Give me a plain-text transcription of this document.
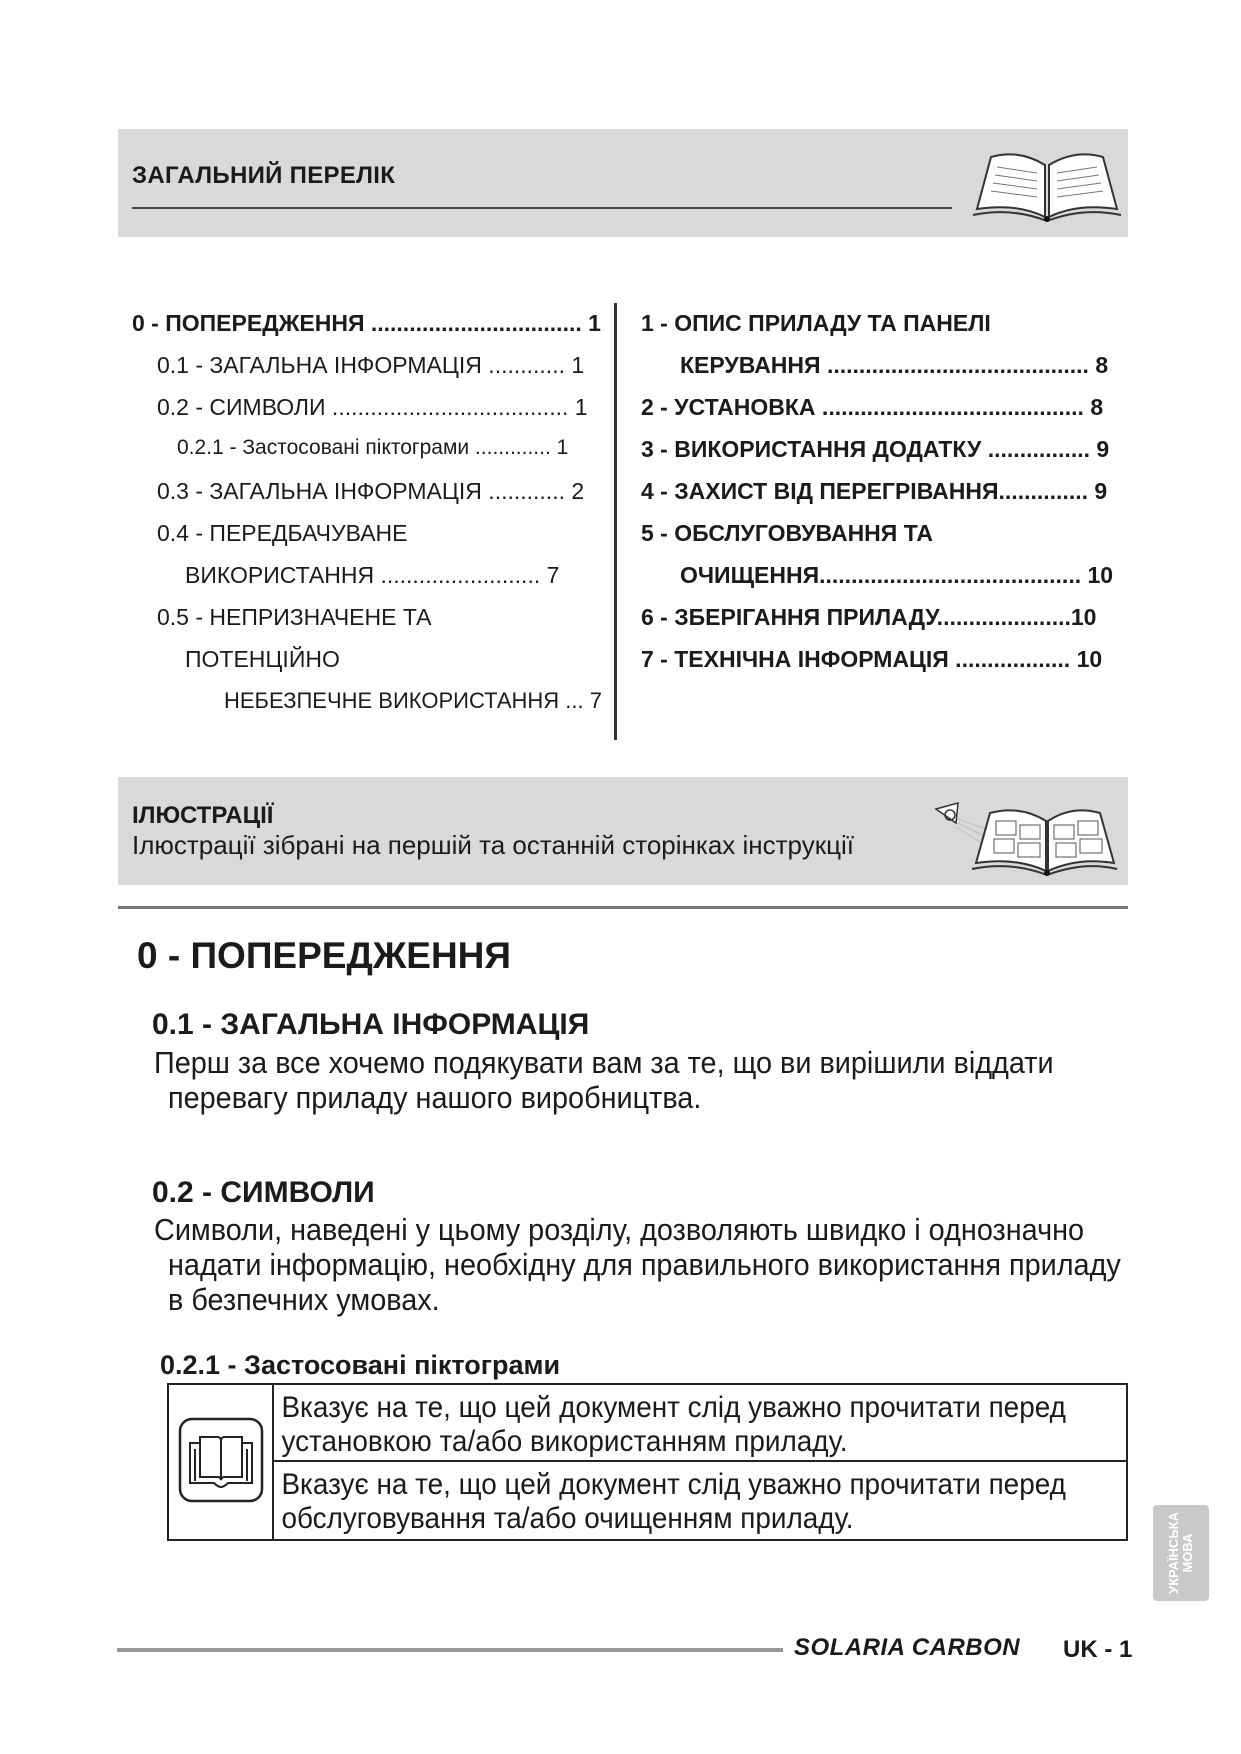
ЗАГАЛЬНИЙ ПЕРЕЛІК
0 - ПОПЕРЕДЖЕННЯ ................................. 1
0.1 - ЗАГАЛЬНА ІНФОРМАЦІЯ ............ 1
0.2 - СИМВОЛИ ..................................... 1
0.2.1 - Застосовані піктограми ............. 1
0.3 - ЗАГАЛЬНА ІНФОРМАЦІЯ ............ 2
0.4 - ПЕРЕДБАЧУВАНЕ
ВИКОРИСТАННЯ ......................... 7
0.5 - НЕПРИЗНАЧЕНЕ ТА
ПОТЕНЦІЙНО
НЕБЕЗПЕЧНЕ ВИКОРИСТАННЯ ... 7
1 - ОПИС ПРИЛАДУ ТА ПАНЕЛІ
КЕРУВАННЯ ......................................... 8
2 - УСТАНОВКА ......................................... 8
3 - ВИКОРИСТАННЯ ДОДАТКУ ................ 9
4 - ЗАХИСТ ВІД ПЕРЕГРІВАННЯ.............. 9
5 - ОБСЛУГОВУВАННЯ ТА
ОЧИЩЕННЯ......................................... 10
6 - ЗБЕРІГАННЯ ПРИЛАДУ.....................10
7 - ТЕХНІЧНА ІНФОРМАЦІЯ .................. 10
ІЛЮСТРАЦІЇ
Ілюстрації зібрані на першій та останній сторінках інструкції
0 - ПОПЕРЕДЖЕННЯ
0.1 - ЗАГАЛЬНА ІНФОРМАЦІЯ
Перш за все хочемо подякувати вам за те, що ви вирішили віддати
перевагу приладу нашого виробництва.
0.2 - СИМВОЛИ
Символи, наведені у цьому розділу, дозволяють швидко і однозначно
надати інформацію, необхідну для правильного використання приладу
в безпечних умовах.
0.2.1 - Застосовані піктограми

Вказує на те, що цей документ слід уважно прочитати перед
установкою та/або використанням приладу.

Вказує на те, що цей документ слід уважно прочитати перед
обслуговування та/або очищенням приладу.	УКРАЇНСЬКА
МОВА
SOLARIA CARBON UK - 1
